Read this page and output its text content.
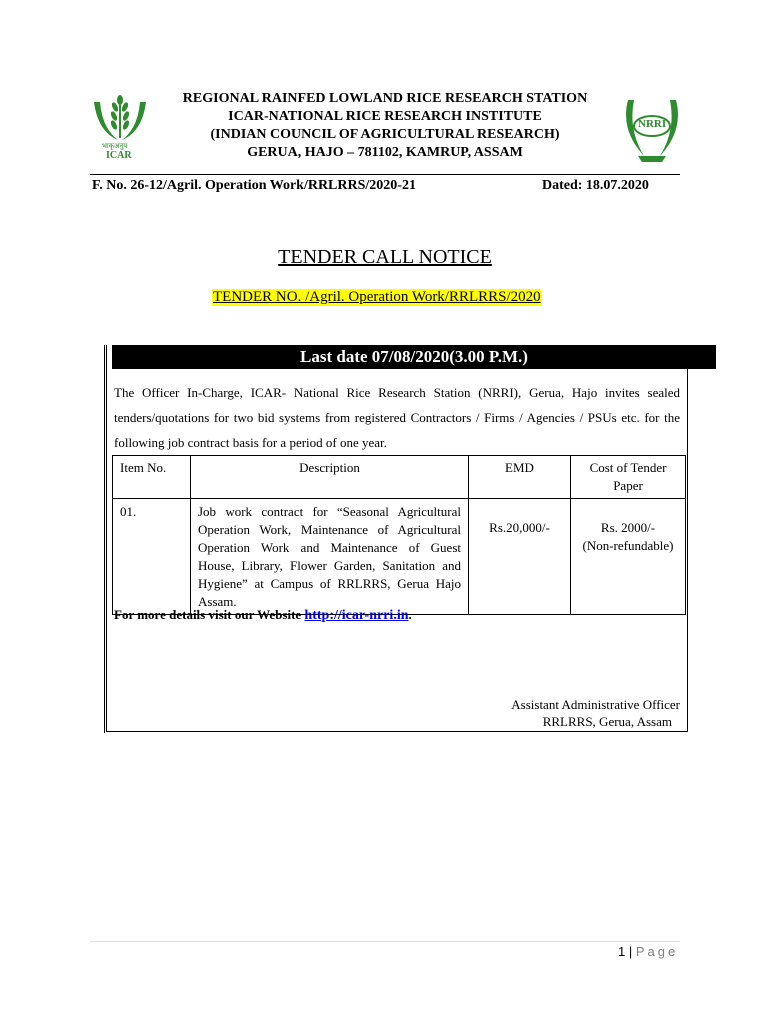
भाकृअनुप
ICAR
REGIONAL RAINFED LOWLAND RICE RESEARCH STATION
ICAR-NATIONAL RICE RESEARCH INSTITUTE
(INDIAN COUNCIL OF AGRICULTURAL RESEARCH)
GERUA, HAJO – 781102, KAMRUP, ASSAM
NRRI
F. No. 26-12/Agril. Operation Work/RRLRRS/2020-21	Dated: 18.07.2020
TENDER CALL NOTICE
TENDER NO. /Agril. Operation Work/RRLRRS/2020
Last date 07/08/2020(3.00 P.M.)
The Officer In-Charge, ICAR- National Rice Research Station (NRRI), Gerua, Hajo invites sealed tenders/quotations for two bid systems from registered Contractors / Firms / Agencies / PSUs etc. for the following job contract basis for a period of one year.
Item No.	Description	EMD	Cost of Tender Paper
01.	Job work contract for “Seasonal Agricultural Operation Work, Maintenance of Agricultural Operation Work and Maintenance of Guest House, Library, Flower Garden, Sanitation and Hygiene” at Campus of RRLRRS, Gerua Hajo Assam.	Rs.20,000/-	Rs. 2000/-
(Non-refundable)
For more details visit our Website http://icar-nrri.in.
Assistant Administrative Officer
RRLRRS, Gerua, Assam
1 | Page
